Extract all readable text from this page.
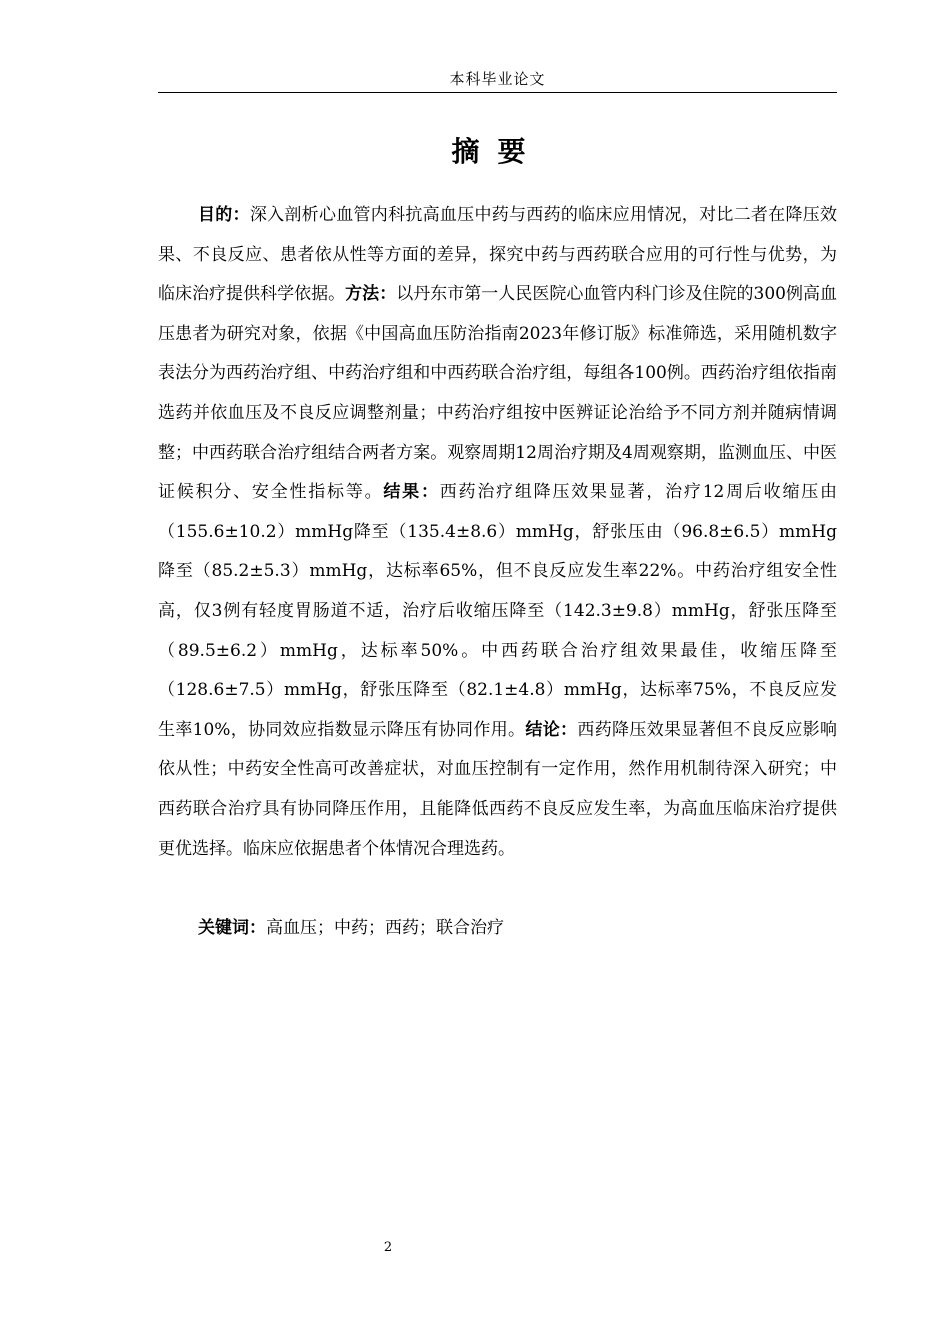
本科毕业论文
摘要

目的：深入剖析心血管内科抗高血压中药与西药的临床应用情况，对比二者在降压效果、不良反应、患者依从性等方面的差异，探究中药与西药联合应用的可行性与优势，为临床治疗提供科学依据。方法：以丹东市第一人民医院心血管内科门诊及住院的300例高血压患者为研究对象，依据《中国高血压防治指南2023年修订版》标准筛选，采用随机数字表法分为西药治疗组、中药治疗组和中西药联合治疗组，每组各100例。西药治疗组依指南选药并依血压及不良反应调整剂量；中药治疗组按中医辨证论治给予不同方剂并随病情调整；中西药联合治疗组结合两者方案。观察周期12周治疗期及4周观察期，监测血压、中医证候积分、安全性指标等。结果：西药治疗组降压效果显著，治疗12周后收缩压由（155.6±10.2）mmHg降至（135.4±8.6）mmHg，舒张压由（96.8±6.5）mmHg降至（85.2±5.3）mmHg，达标率65%，但不良反应发生率22%。中药治疗组安全性高，仅3例有轻度胃肠道不适，治疗后收缩压降至（142.3±9.8）mmHg，舒张压降至（89.5±6.2）mmHg，达标率50%。中西药联合治疗组效果最佳，收缩压降至（128.6±7.5）mmHg，舒张压降至（82.1±4.8）mmHg，达标率75%，不良反应发生率10%，协同效应指数显示降压有协同作用。结论：西药降压效果显著但不良反应影响依从性；中药安全性高可改善症状，对血压控制有一定作用，然作用机制待深入研究；中西药联合治疗具有协同降压作用，且能降低西药不良反应发生率，为高血压临床治疗提供更优选择。临床应依据患者个体情况合理选药。

关键词：高血压；中药；西药；联合治疗

2
